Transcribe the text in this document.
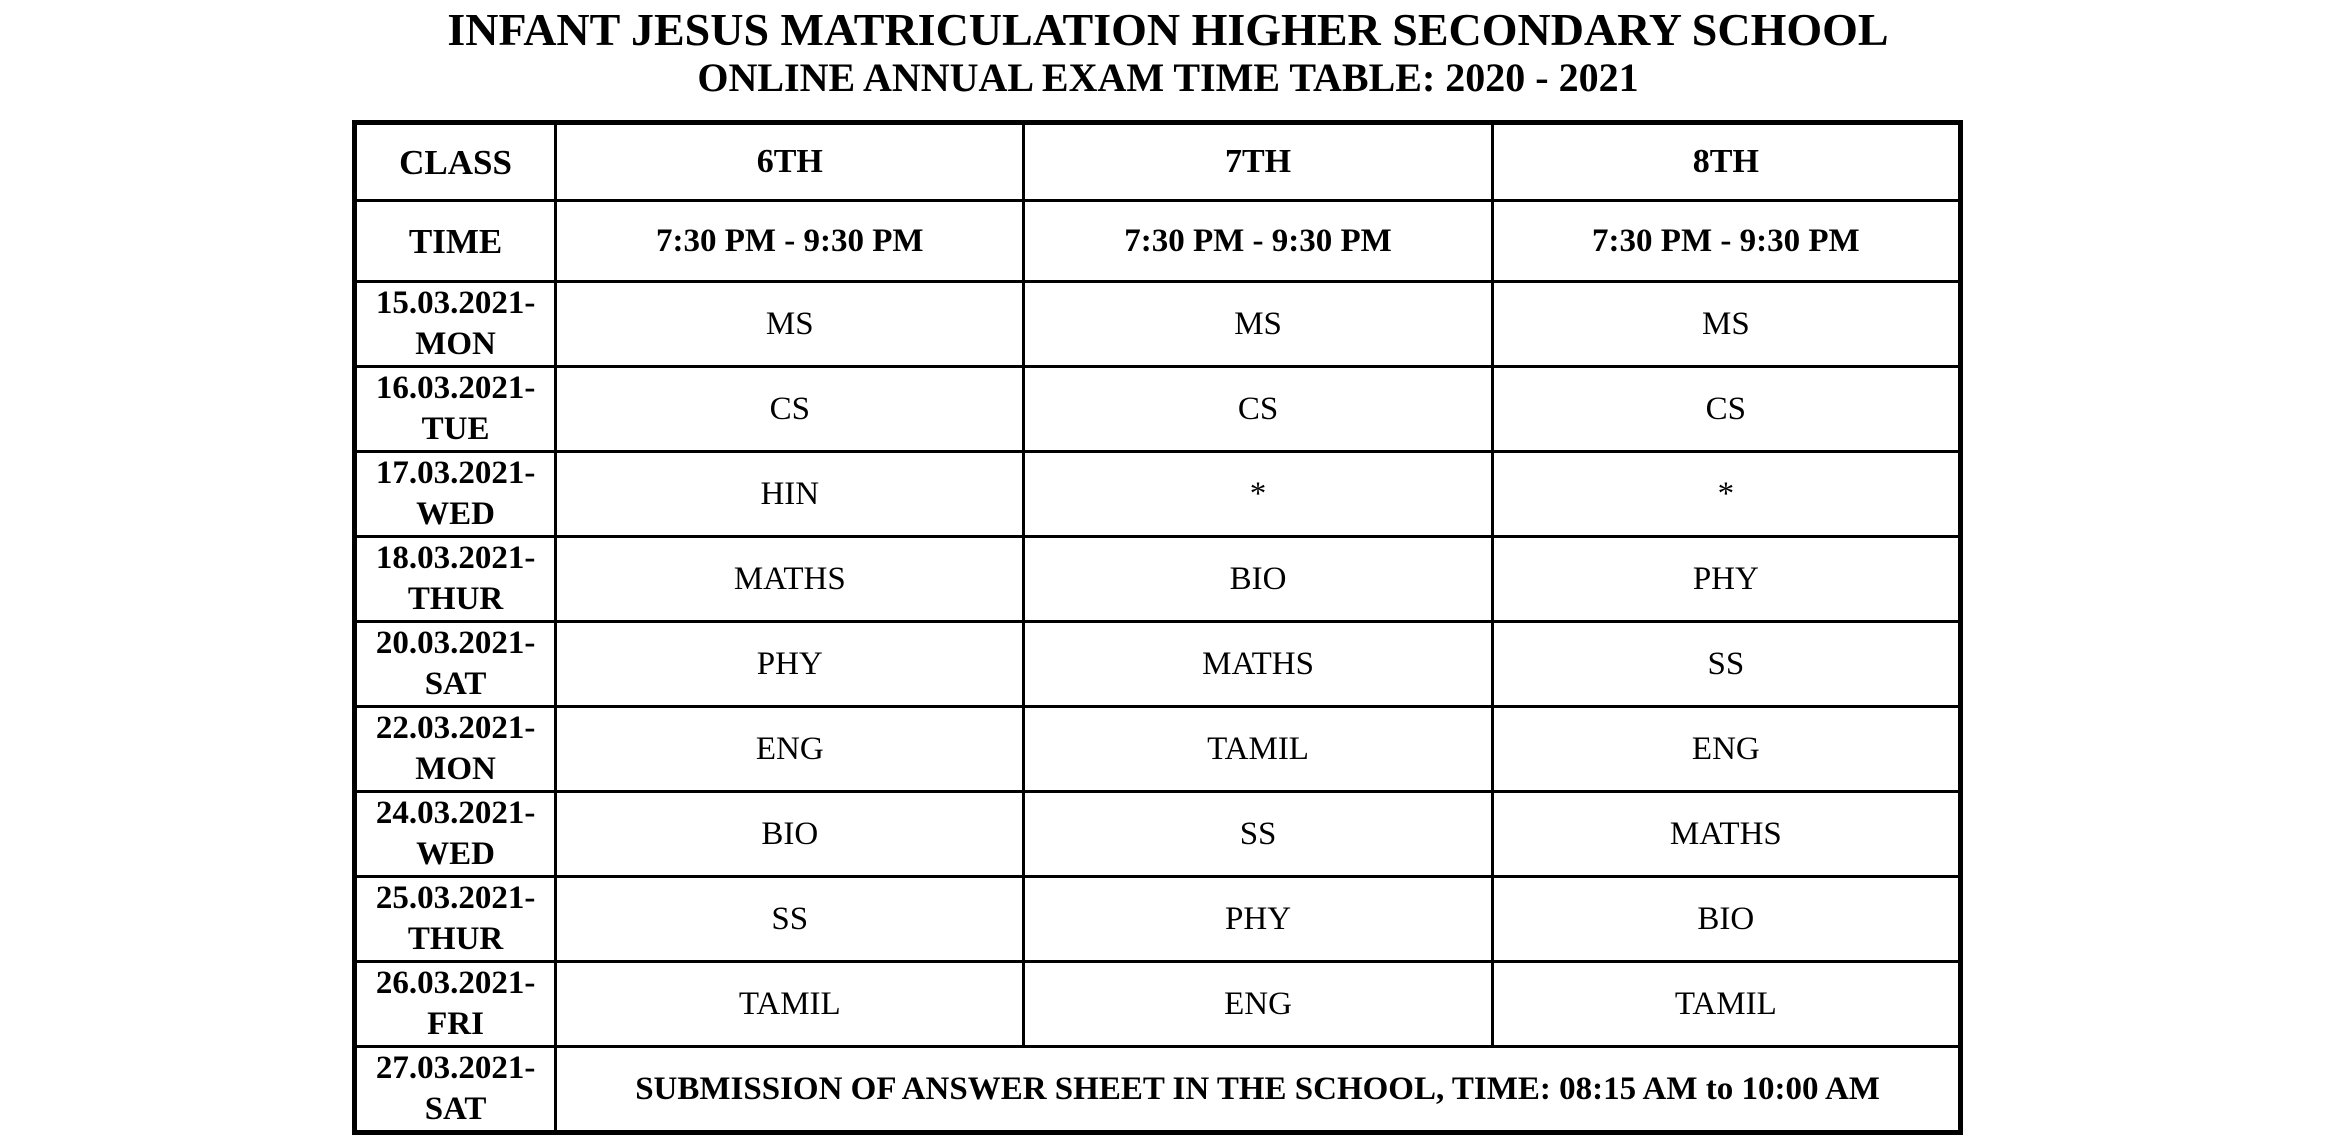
INFANT JESUS MATRICULATION HIGHER SECONDARY SCHOOL
ONLINE ANNUAL EXAM TIME TABLE: 2020 - 2021
CLASS	6TH	7TH	8TH
TIME	7:30 PM - 9:30 PM	7:30 PM - 9:30 PM	7:30 PM - 9:30 PM
15.03.2021-
MON	MS	MS	MS
16.03.2021-
TUE	CS	CS	CS
17.03.2021-
WED	HIN	*	*
18.03.2021-
THUR	MATHS	BIO	PHY
20.03.2021-
SAT	PHY	MATHS	SS
22.03.2021-
MON	ENG	TAMIL	ENG
24.03.2021-
WED	BIO	SS	MATHS
25.03.2021-
THUR	SS	PHY	BIO
26.03.2021-
FRI	TAMIL	ENG	TAMIL
27.03.2021-
SAT	SUBMISSION OF ANSWER SHEET IN THE SCHOOL, TIME: 08:15 AM to 10:00 AM		
